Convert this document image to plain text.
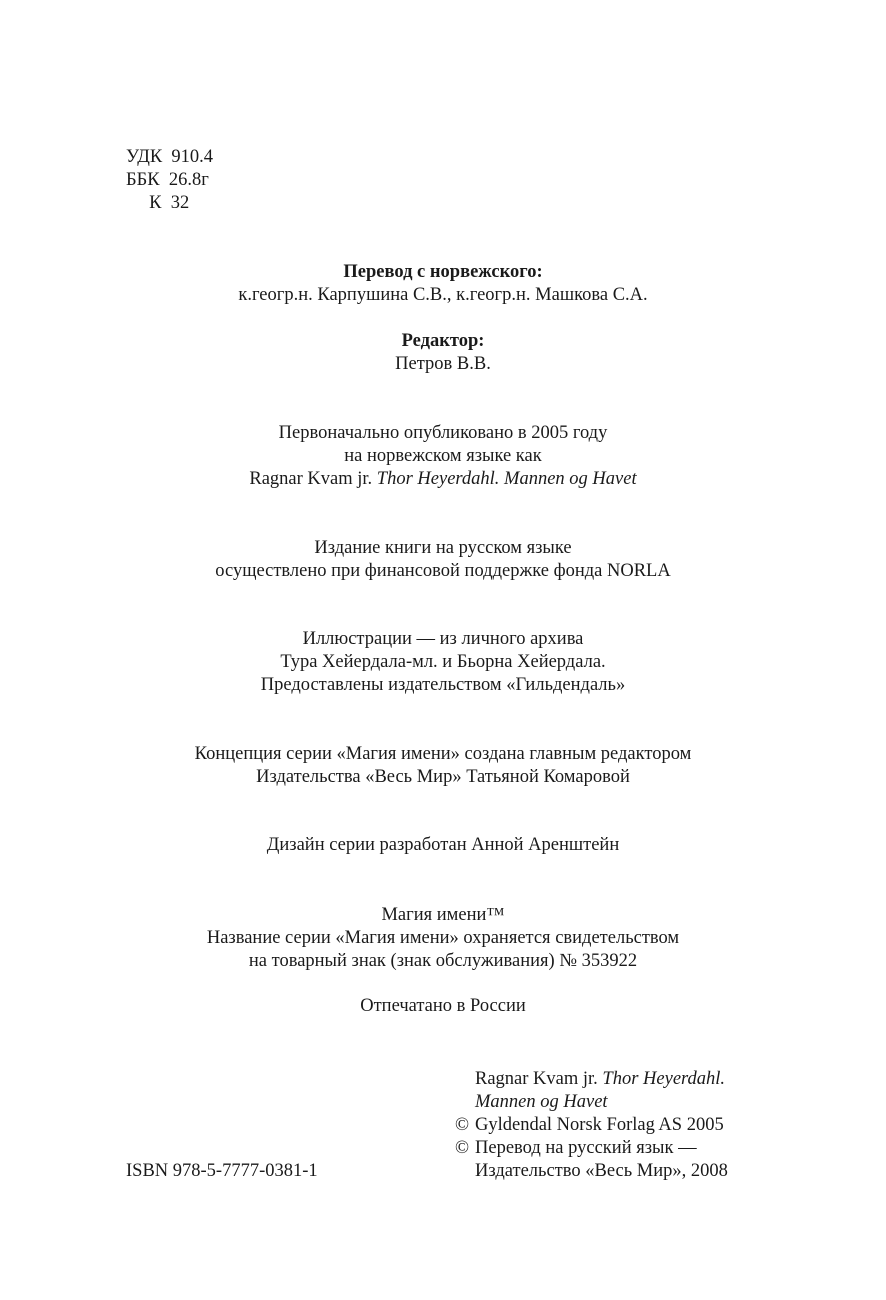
УДК  910.4
ББК  26.8г
К  32
Перевод с норвежского:
к.геогр.н. Карпушина С.В., к.геогр.н. Машкова С.А.
Редактор:
Петров В.В.
Первоначально опубликовано в 2005 году
на норвежском языке как
Ragnar Kvam jr. Thor Heyerdahl. Mannen og Havet
Издание книги на русском языке
осуществлено при финансовой поддержке фонда NORLA
Иллюстрации — из личного архива
Тура Хейердала-мл. и Бьорна Хейердала.
Предоставлены издательством «Гильдендаль»
Концепция серии «Магия имени» создана главным редактором
Издательства «Весь Мир» Татьяной Комаровой
Дизайн серии разработан Анной Аренштейн
Магия имени™
Название серии «Магия имени» охраняется свидетельством
на товарный знак (знак обслуживания) № 353922
Отпечатано в России
Ragnar Kvam jr. Thor Heyerdahl.
Mannen og Havet
© Gyldendal Norsk Forlag AS 2005
© Перевод на русский язык —
Издательство «Весь Мир», 2008
ISBN 978-5-7777-0381-1
